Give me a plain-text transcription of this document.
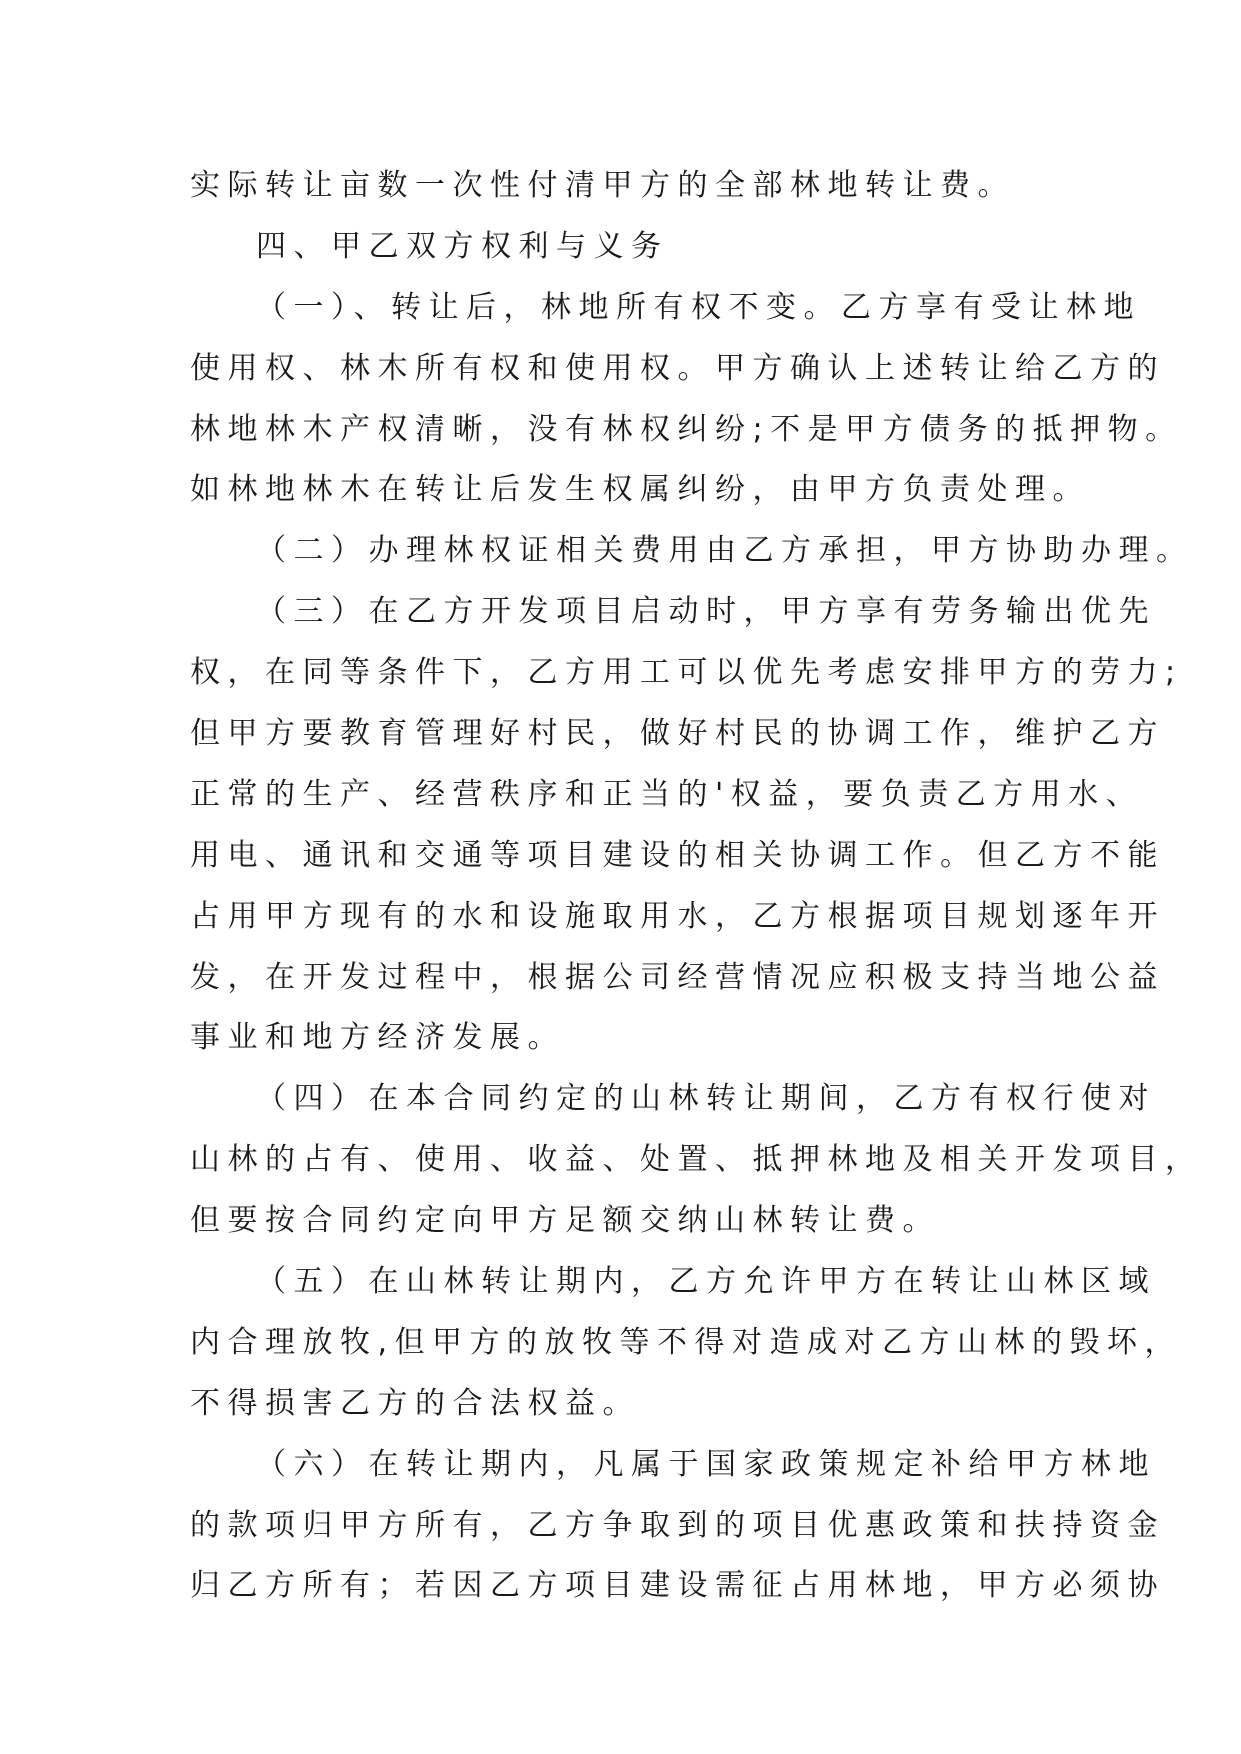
实际转让亩数一次性付清甲方的全部林地转让费。
四、甲乙双方权利与义务
（一）、转让后，林地所有权不变。乙方享有受让林地
使用权、林木所有权和使用权。甲方确认上述转让给乙方的
林地林木产权清晰，没有林权纠纷;不是甲方债务的抵押物。
如林地林木在转让后发生权属纠纷，由甲方负责处理。
（二）办理林权证相关费用由乙方承担，甲方协助办理。
（三）在乙方开发项目启动时，甲方享有劳务输出优先
权，在同等条件下，乙方用工可以优先考虑安排甲方的劳力;
但甲方要教育管理好村民，做好村民的协调工作，维护乙方
正常的生产、经营秩序和正当的'权益，要负责乙方用水、
用电、通讯和交通等项目建设的相关协调工作。但乙方不能
占用甲方现有的水和设施取用水，乙方根据项目规划逐年开
发，在开发过程中，根据公司经营情况应积极支持当地公益
事业和地方经济发展。
（四）在本合同约定的山林转让期间，乙方有权行使对
山林的占有、使用、收益、处置、抵押林地及相关开发项目，
但要按合同约定向甲方足额交纳山林转让费。
（五）在山林转让期内，乙方允许甲方在转让山林区域
内合理放牧,但甲方的放牧等不得对造成对乙方山林的毁坏，
不得损害乙方的合法权益。
（六）在转让期内，凡属于国家政策规定补给甲方林地
的款项归甲方所有，乙方争取到的项目优惠政策和扶持资金
归乙方所有；若因乙方项目建设需征占用林地，甲方必须协
